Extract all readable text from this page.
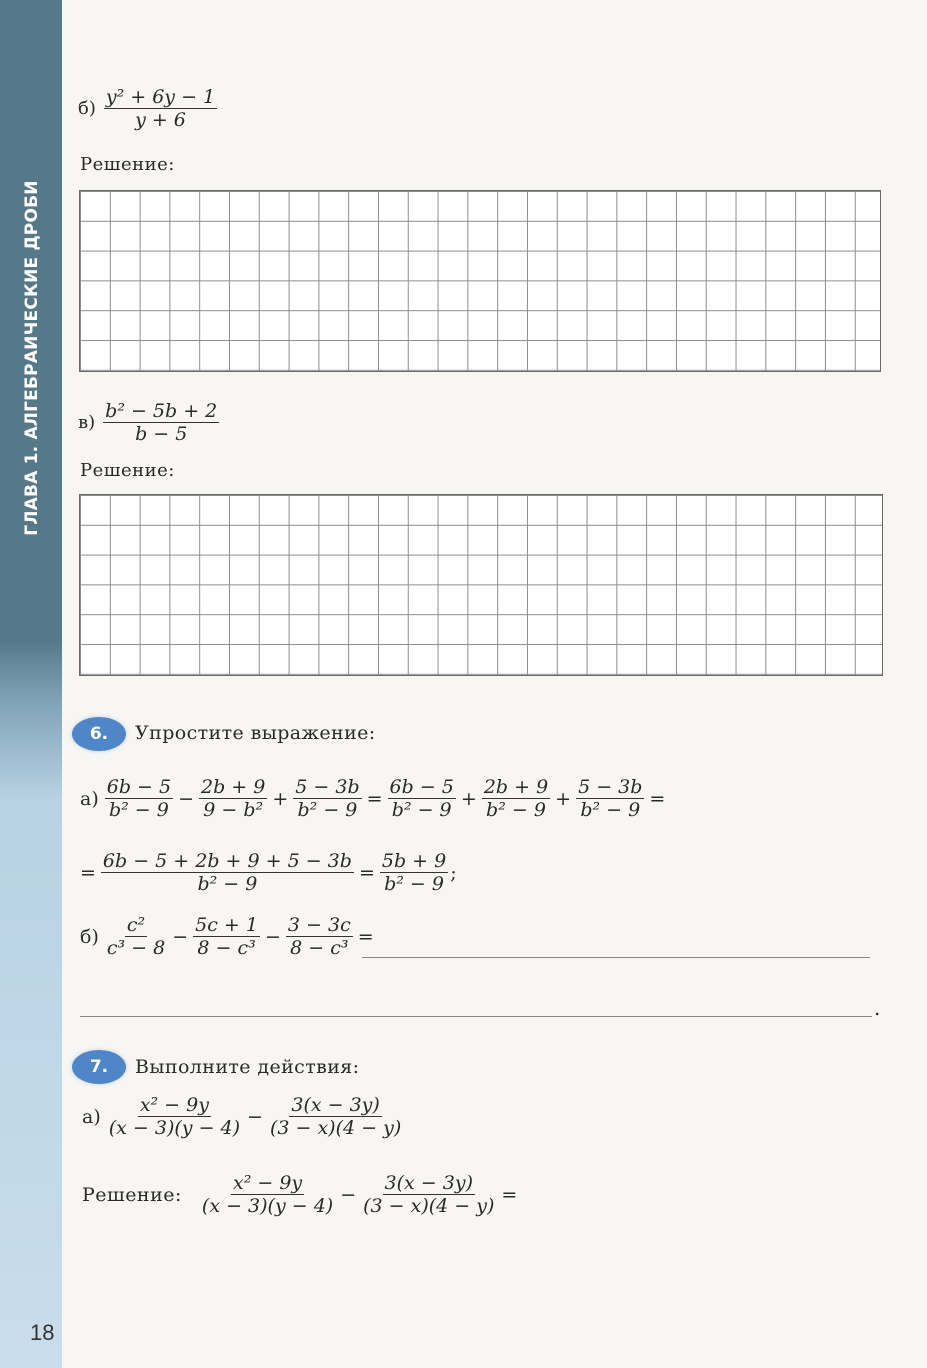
ГЛАВА 1. АЛГЕБРАИЧЕСКИЕ ДРОБИ
18
$б) \frac{\text{y² + 6y − 1}}{y + 6}$
Решение:
$в) \frac{\text{b² − 5b + 2}}{b - 5}$
Решение:
6.	Упростите выражение:
$а) \frac{6b - 5}{\text{b² − 9}} - \frac{2b + 9}{\text{9 − b²}} + \frac{5 - 3b}{\text{b² − 9}} = \frac{6b - 5}{\text{b² − 9}} + \frac{2b + 9}{\text{b² − 9}} + \frac{5 - 3b}{\text{b² − 9}}$ =
= $\frac{6b - 5 + 2b + 9 + 5 - 3b}{\text{b² − 9}} = \frac{5b + 9}{\text{b² − 9}}$ ;
$б) \frac{\text{c²}}{\text{c³ − 8}} - \frac{5c + 1}{\text{8 − c³}} - \frac{3 - 3c}{\text{8 − c³}}$ =
.
7.	Выполните действия:
$а) \frac{\text{x² − 9y}}{(x - 3)(y - 4)} - \frac{3(x - 3y)}{(3 - x)(4 - y)}$
Решение: $\frac{\text{x² − 9y}}{(x - 3)(y - 4)} - \frac{3(x - 3y)}{(3 - x)(4 - y)}$ =
